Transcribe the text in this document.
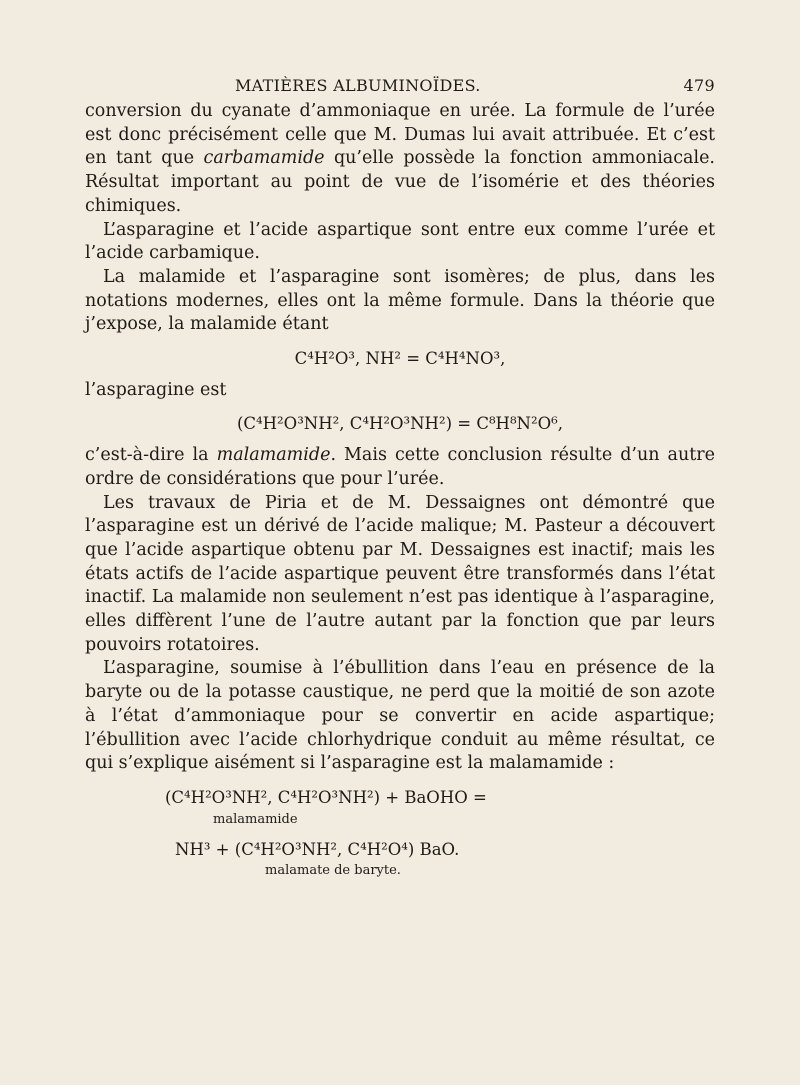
MATIÈRES ALBUMINOÏDES.	479

conversion du cyanate d’ammoniaque en urée. La formule de l’urée est donc précisément celle que M. Dumas lui avait attribuée. Et c’est en tant que carbamamide qu’elle possède la fonction ammoniacale. Résultat important au point de vue de l’isomérie et des théories chimiques.

L’asparagine et l’acide aspartique sont entre eux comme l’urée et l’acide carbamique.

La malamide et l’asparagine sont isomères; de plus, dans les notations modernes, elles ont la même formule. Dans la théorie que j’expose, la malamide étant

C⁴H²O³, NH² = C⁴H⁴NO³,

l’asparagine est

(C⁴H²O³NH², C⁴H²O³NH²) = C⁸H⁸N²O⁶,

c’est-à-dire la malamamide. Mais cette conclusion résulte d’un autre ordre de considérations que pour l’urée.

Les travaux de Piria et de M. Dessaignes ont démontré que l’asparagine est un dérivé de l’acide malique; M. Pasteur a découvert que l’acide aspartique obtenu par M. Dessaignes est inactif; mais les états actifs de l’acide aspartique peuvent être transformés dans l’état inactif. La malamide non seulement n’est pas identique à l’asparagine, elles diffèrent l’une de l’autre autant par la fonction que par leurs pouvoirs rotatoires.

L’asparagine, soumise à l’ébullition dans l’eau en présence de la baryte ou de la potasse caustique, ne perd que la moitié de son azote à l’état d’ammoniaque pour se convertir en acide aspartique; l’ébullition avec l’acide chlorhydrique conduit au même résultat, ce qui s’explique aisément si l’asparagine est la malamamide :

(C⁴H²O³NH², C⁴H²O³NH²) + BaOHO =
malamamide
NH³ + (C⁴H²O³NH², C⁴H²O⁴) BaO.
malamate de baryte.
